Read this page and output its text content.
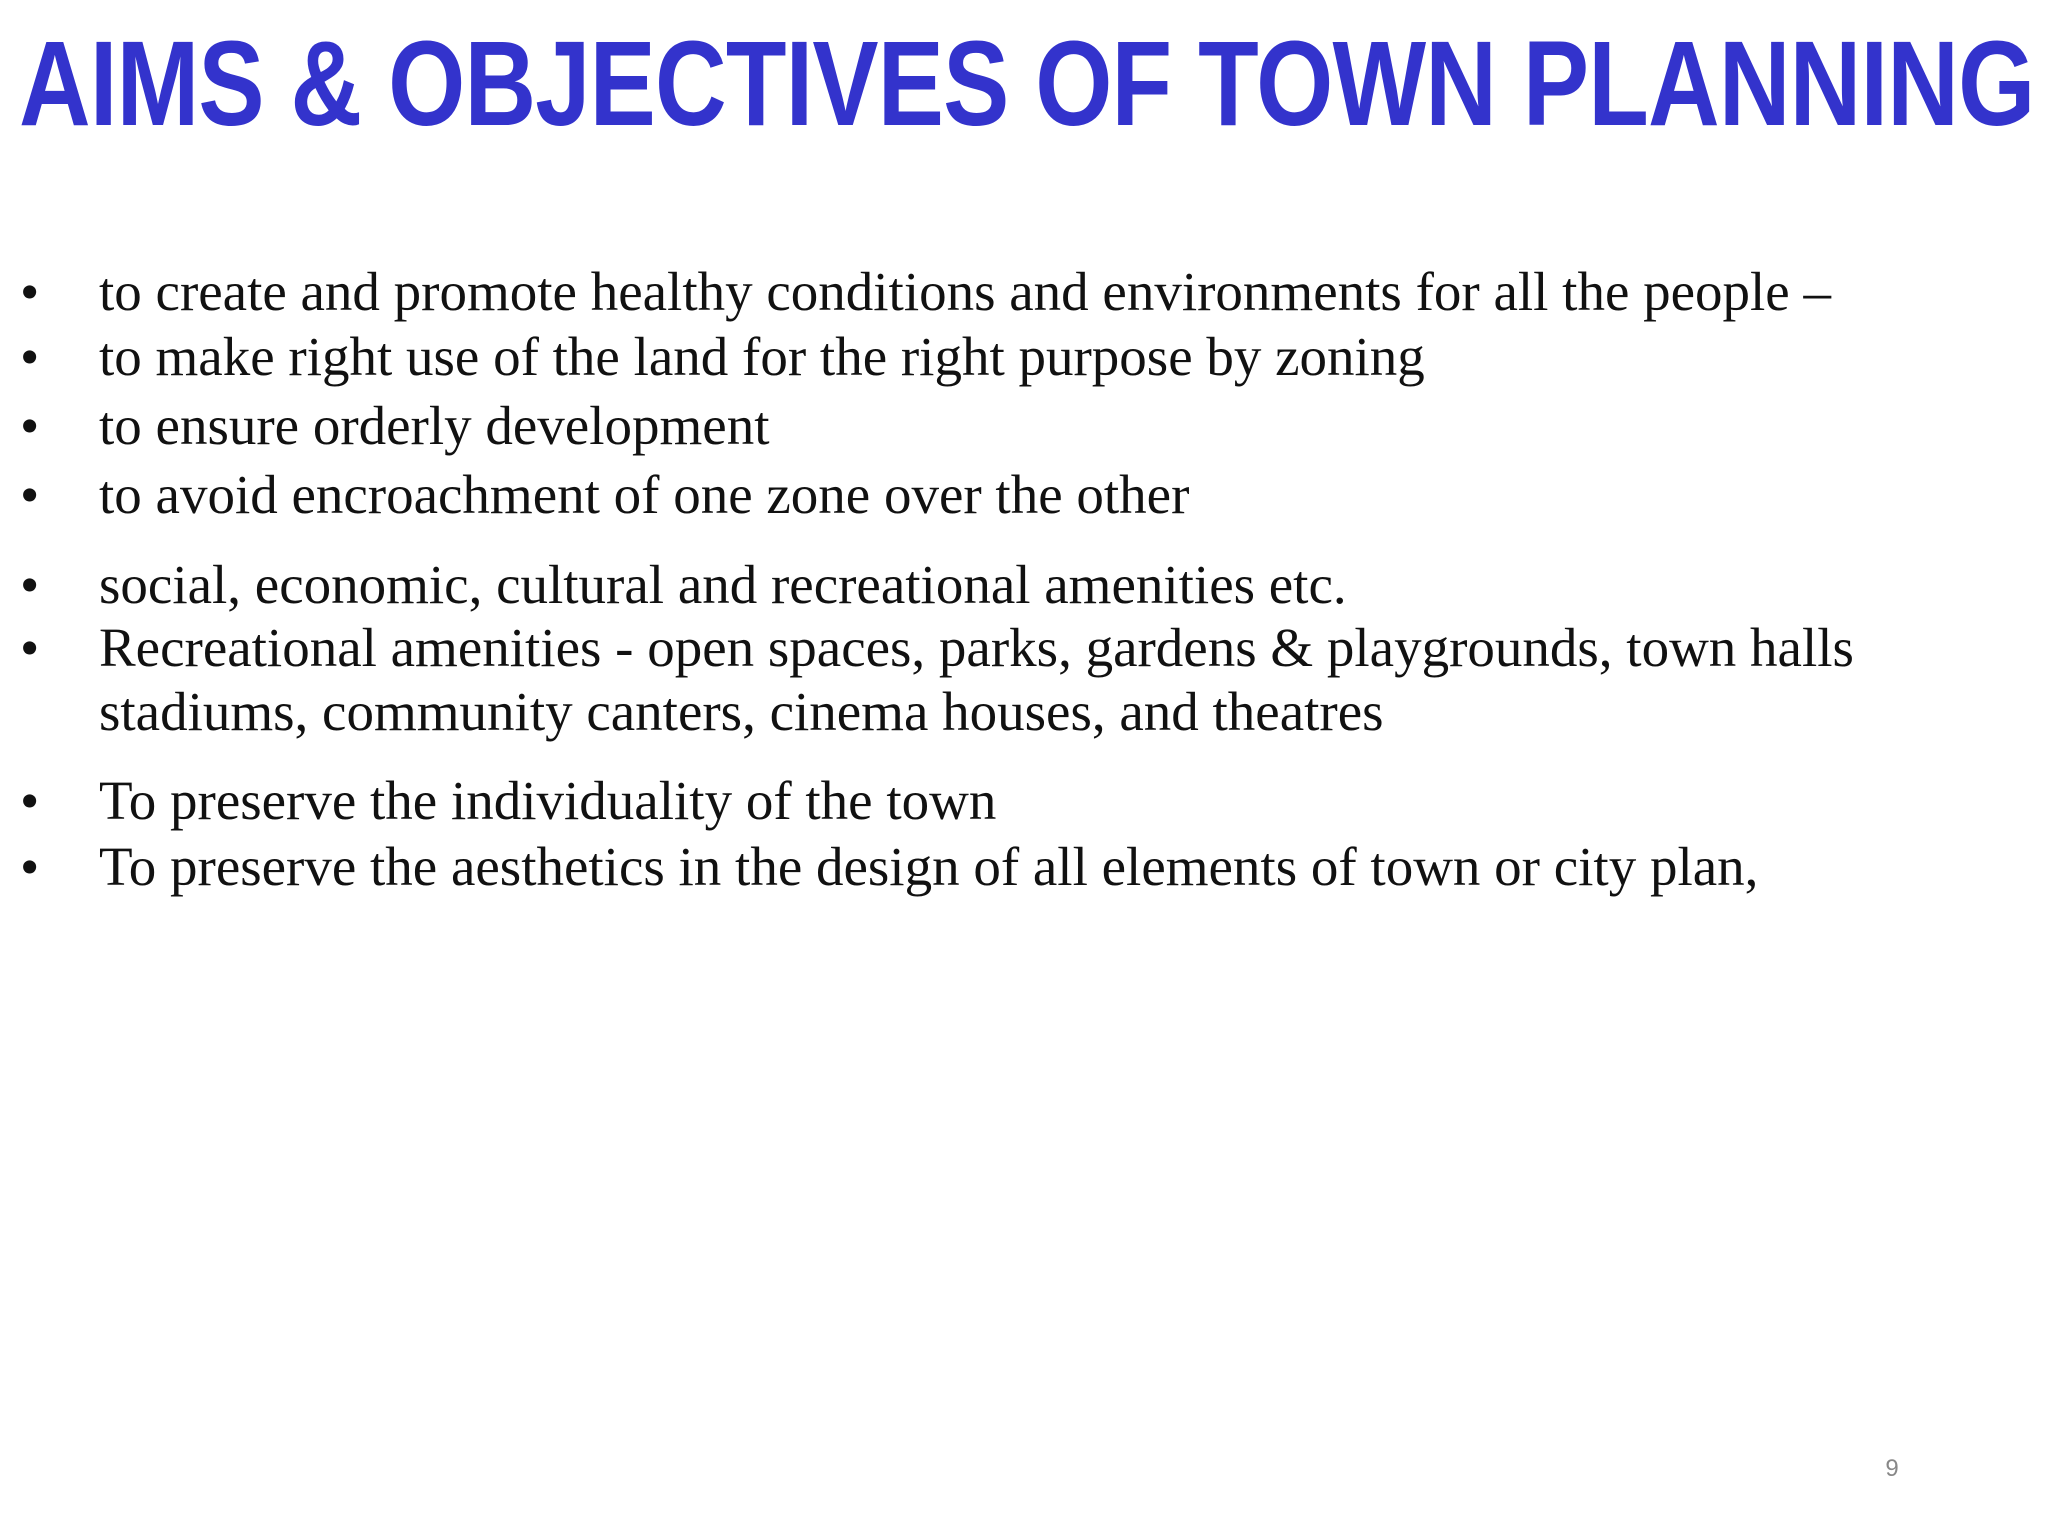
AIMS & OBJECTIVES OF TOWN PLANNING
•	to create and promote healthy conditions and environments for all the people –
•	to make right use of the land for the right purpose by zoning
•	to ensure orderly development
•	to avoid encroachment of one zone over the other
•	social, economic, cultural and recreational amenities etc.
•	Recreational amenities - open spaces, parks, gardens & playgrounds, town halls
stadiums, community canters, cinema houses, and theatres
•	To preserve the individuality of the town
•	To preserve the aesthetics in the design of all elements of town or city plan,
9
